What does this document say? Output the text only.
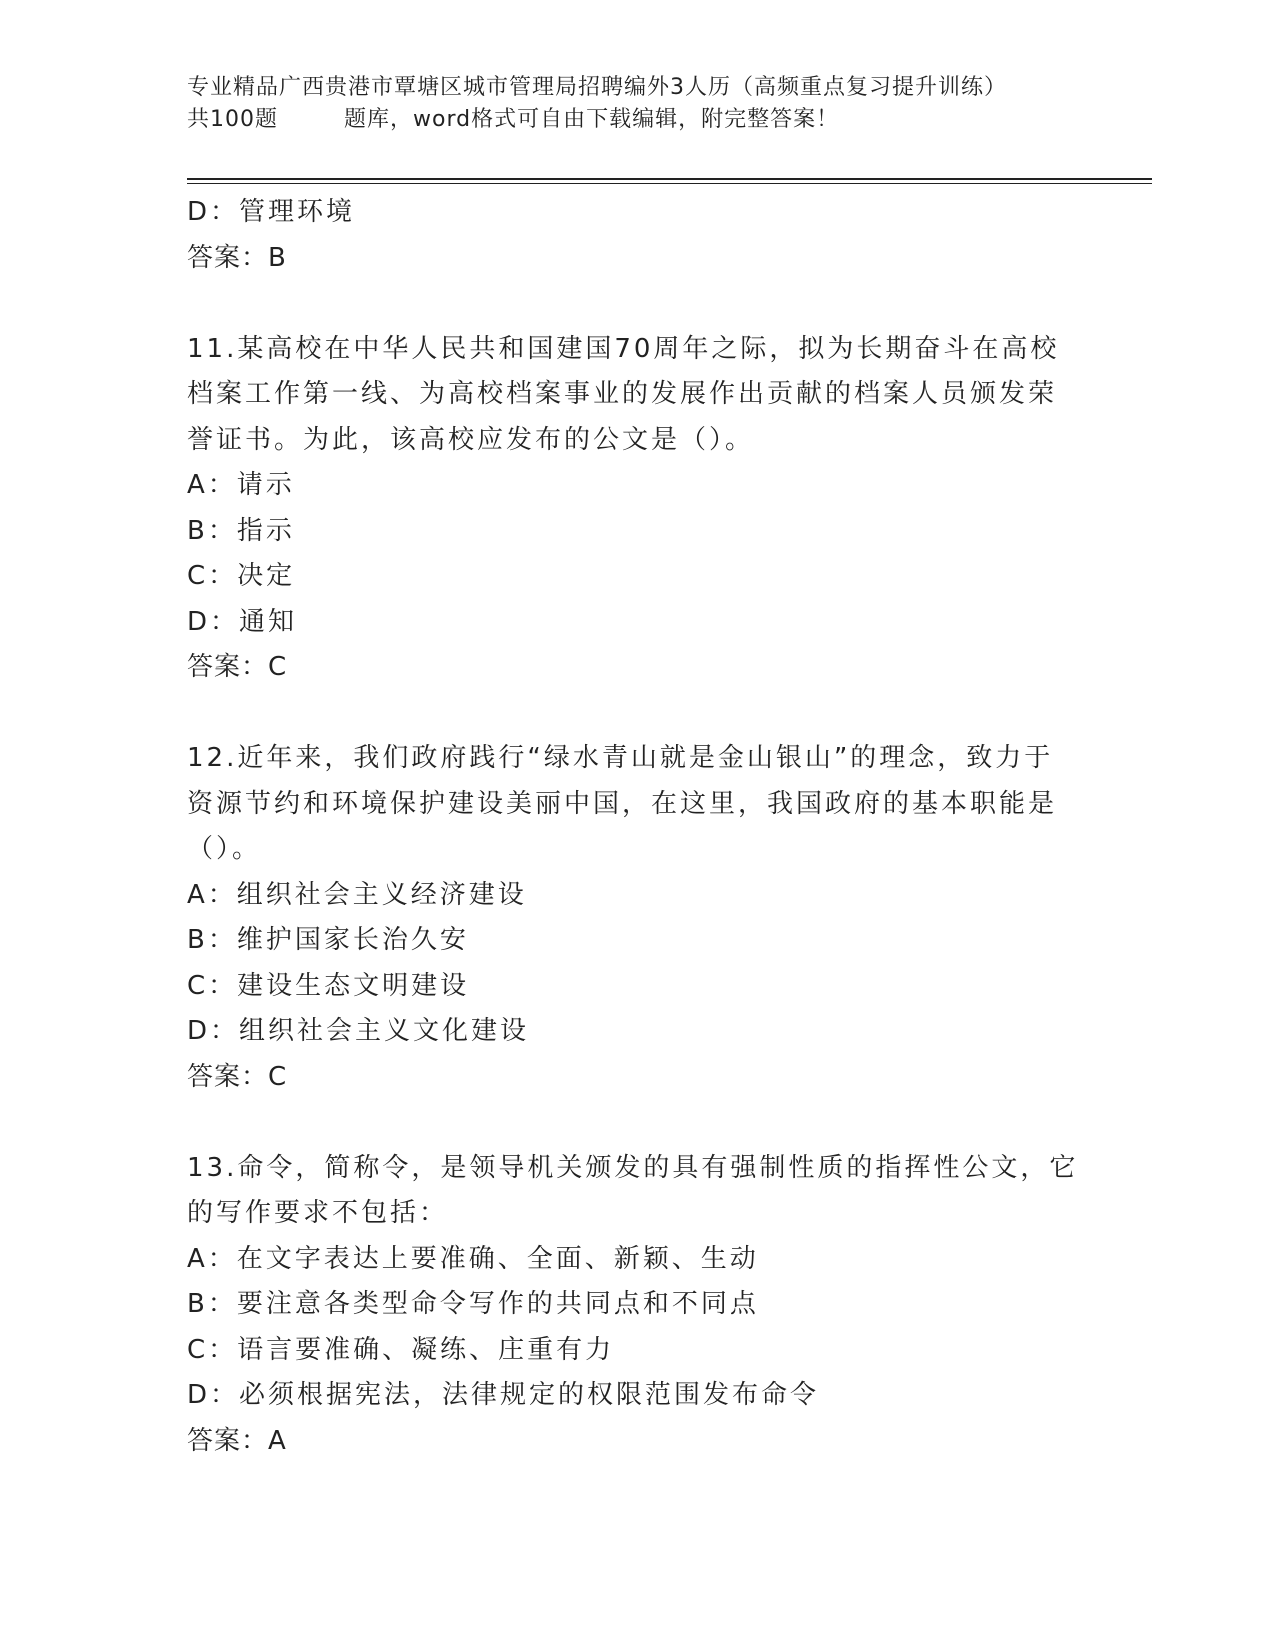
专业精品广西贵港市覃塘区城市管理局招聘编外3人历（高频重点复习提升训练）
共100题	题库，word格式可自由下载编辑，附完整答案！
D：管理环境
答案：B
11.某高校在中华人民共和国建国70周年之际，拟为长期奋斗在高校
档案工作第一线、为高校档案事业的发展作出贡献的档案人员颁发荣
誉证书。为此，该高校应发布的公文是（）。
A：请示
B：指示
C：决定
D：通知
答案：C
12.近年来，我们政府践行“绿水青山就是金山银山”的理念，致力于
资源节约和环境保护建设美丽中国，在这里，我国政府的基本职能是
（）。
A：组织社会主义经济建设
B：维护国家长治久安
C：建设生态文明建设
D：组织社会主义文化建设
答案：C
13.命令，简称令，是领导机关颁发的具有强制性质的指挥性公文，它
的写作要求不包括：
A：在文字表达上要准确、全面、新颖、生动
B：要注意各类型命令写作的共同点和不同点
C：语言要准确、凝练、庄重有力
D：必须根据宪法，法律规定的权限范围发布命令
答案：A
